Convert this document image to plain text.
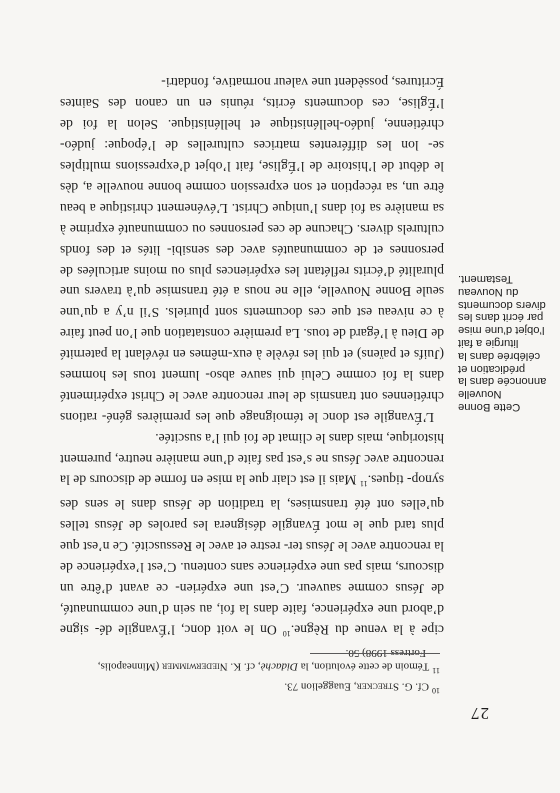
27

$^{10}$Cf. G. Strecker, Euaggelion 73.

$^{11}$Témoin de cette évolution, la Didachè, cf. K. Niederwimmer (Minneapolis, Fortress 1998) 50.

cipe à la venue du Règne.$^{10}$ On le voit donc, l’Évangile dé- signe d’abord une expérience, faite dans la foi, au sein d’une communauté, de Jésus comme sauveur. C’est une expérien- ce avant d’être un discours, mais pas une expérience sans contenu. C’est l’expérience de la rencontre avec le Jésus ter- restre et avec le Ressuscité. Ce n’est que plus tard que le mot Évangile désignera les paroles de Jésus telles qu’elles ont été transmises, la tradition de Jésus dans le sens des synop- tiques.$^{11}$ Mais il est clair que la mise en forme de discours de la rencontre avec Jésus ne s’est pas faite d’une manière neutre, purement historique, mais dans le climat de foi qui l’a suscitée.

L’Évangile est donc le témoignage que les premières géné- rations chrétiennes ont transmis de leur rencontre avec le Christ expérimenté dans la foi comme Celui qui sauve abso- lument tous les hommes (Juifs et païens) et qui les révèle à eux-mêmes en révélant la paternité de Dieu à l’égard de tous. La première constatation que l’on peut faire à ce niveau est que ces documents sont pluriels. S’il n’y a qu’une seule Bonne Nouvelle, elle ne nous a été transmise qu’à travers une pluralité d’écrits reflétant les expériences plus ou moins articulées de personnes et de communautés avec des sensibi- lités et des fonds culturels divers. Chacune de ces personnes ou communauté exprime à sa manière sa foi dans l’unique Christ. L’événement christique a beau être un, sa réception et son expression comme bonne nouvelle a, dès le début de l’histoire de l’Église, fait l’objet d’expressions multiples se- lon les différentes matrices culturelles de l’époque: judéo- chrétienne, judéo-hellénistique et hellénistique. Selon la foi de l’Église, ces documents écrits, réunis en un canon des Saintes Écritures, possèdent une valeur normative, fondatri-

Cette Bonne Nouvelle annoncée dans la prédication et célébrée dans la liturgie a fait l’objet d’une mise par écrit dans les divers documents du Nouveau Testament.
